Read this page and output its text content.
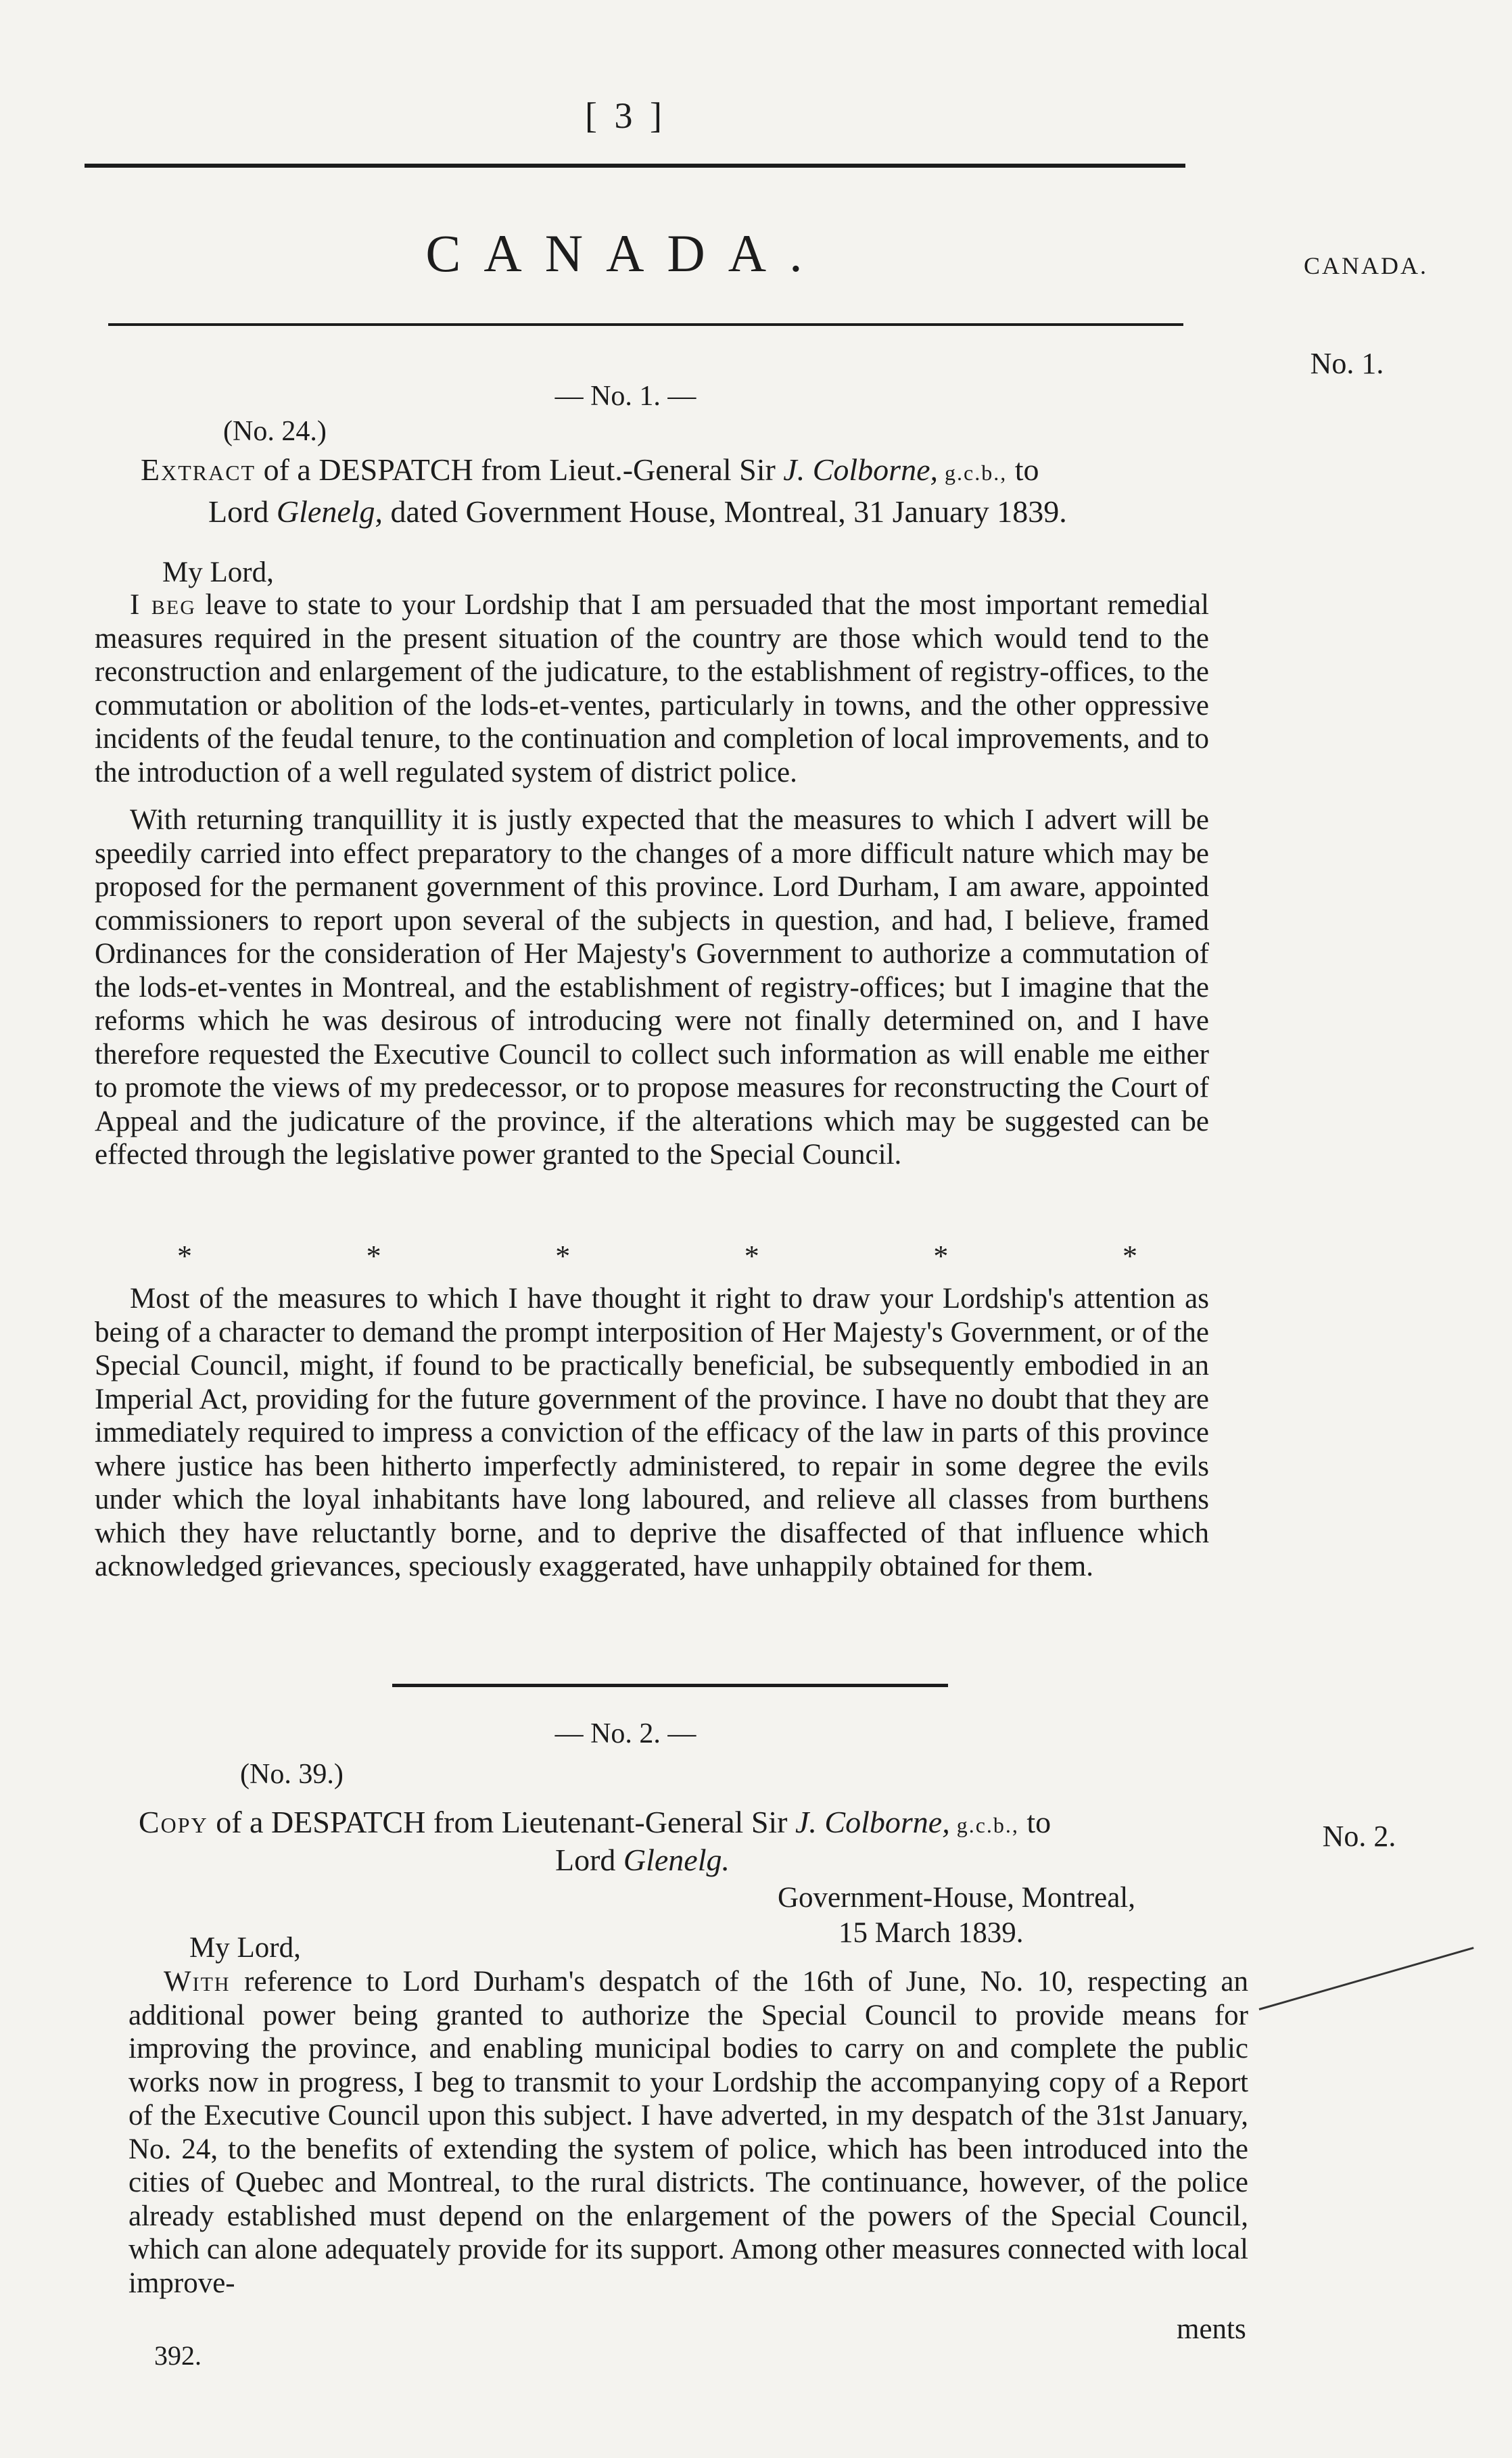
[ 3 ]
CANADA.	CANADA.
No. 1.
— No. 1. —
(No. 24.)
Extract of a DESPATCH from Lieut.-General Sir J. Colborne, g.c.b., to
Lord Glenelg, dated Government House, Montreal, 31 January 1839.
My Lord,
I beg leave to state to your Lordship that I am persuaded that the most important remedial measures required in the present situation of the country are those which would tend to the reconstruction and enlargement of the judicature, to the establishment of registry-offices, to the commutation or abolition of the lods-et-ventes, particularly in towns, and the other oppressive incidents of the feudal tenure, to the continuation and completion of local improvements, and to the introduction of a well regulated system of district police.
With returning tranquillity it is justly expected that the measures to which I advert will be speedily carried into effect preparatory to the changes of a more difficult nature which may be proposed for the permanent government of this province. Lord Durham, I am aware, appointed commissioners to report upon several of the subjects in question, and had, I believe, framed Ordinances for the consideration of Her Majesty's Government to authorize a commutation of the lods-et-ventes in Montreal, and the establishment of registry-offices; but I imagine that the reforms which he was desirous of introducing were not finally determined on, and I have therefore requested the Executive Council to collect such information as will enable me either to promote the views of my predecessor, or to propose measures for reconstructing the Court of Appeal and the judicature of the province, if the alterations which may be suggested can be effected through the legislative power granted to the Special Council.
*	*	*	*	*	*
Most of the measures to which I have thought it right to draw your Lordship's attention as being of a character to demand the prompt interposition of Her Majesty's Government, or of the Special Council, might, if found to be practically beneficial, be subsequently embodied in an Imperial Act, providing for the future government of the province. I have no doubt that they are immediately required to impress a conviction of the efficacy of the law in parts of this province where justice has been hitherto imperfectly administered, to repair in some degree the evils under which the loyal inhabitants have long laboured, and relieve all classes from burthens which they have reluctantly borne, and to deprive the disaffected of that influence which acknowledged grievances, speciously exaggerated, have unhappily obtained for them.
— No. 2. —
(No. 39.)
Copy of a DESPATCH from Lieutenant-General Sir J. Colborne, g.c.b., to
Lord Glenelg.
No. 2.
Government-House, Montreal,
15 March 1839.
My Lord,
With reference to Lord Durham's despatch of the 16th of June, No. 10, respecting an additional power being granted to authorize the Special Council to provide means for improving the province, and enabling municipal bodies to carry on and complete the public works now in progress, I beg to transmit to your Lordship the accompanying copy of a Report of the Executive Council upon this subject. I have adverted, in my despatch of the 31st January, No. 24, to the benefits of extending the system of police, which has been introduced into the cities of Quebec and Montreal, to the rural districts. The continuance, however, of the police already established must depend on the enlargement of the powers of the Special Council, which can alone adequately provide for its support. Among other measures connected with local improve-
ments
392.
